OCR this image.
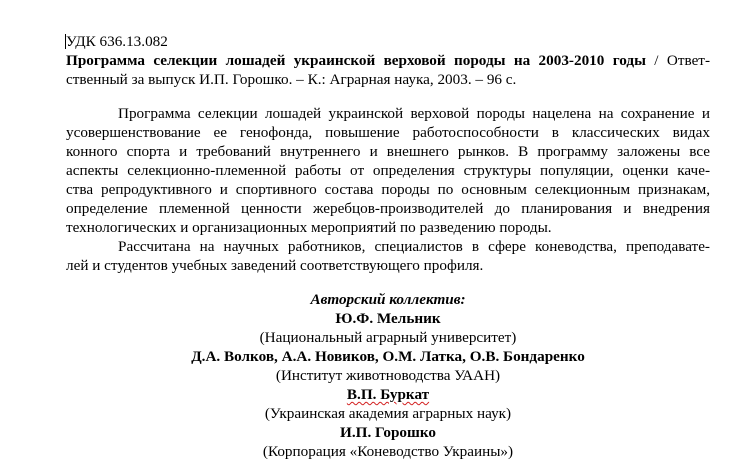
УДК 636.13.082
Программа селекции лошадей украинской верховой породы на 2003-2010 годы / Ответ-
ственный за выпуск И.П. Горошко. – К.: Аграрная наука, 2003. – 96 с.
Программа селекции лошадей украинской верховой породы нацелена на сохранение и
усовершенствование ее генофонда, повышение работоспособности в классических видах
конного спорта и требований внутреннего и внешнего рынков. В программу заложены все
аспекты селекционно-племенной работы от определения структуры популяции, оценки каче-
ства репродуктивного и спортивного состава породы по основным селекционным признакам,
определение племенной ценности жеребцов-производителей до планирования и внедрения
технологических и организационных мероприятий по разведению породы.
Рассчитана на научных работников, специалистов в сфере коневодства, преподавате-
лей и студентов учебных заведений соответствующего профиля.
Авторский коллектив:
Ю.Ф. Мельник
(Национальный аграрный университет)
Д.А. Волков, А.А. Новиков, О.М. Латка, О.В. Бондаренко
(Институт животноводства УААН)
В.П. Буркат
(Украинская академия аграрных наук)
И.П. Горошко
(Корпорация «Коневодство Украины»)
